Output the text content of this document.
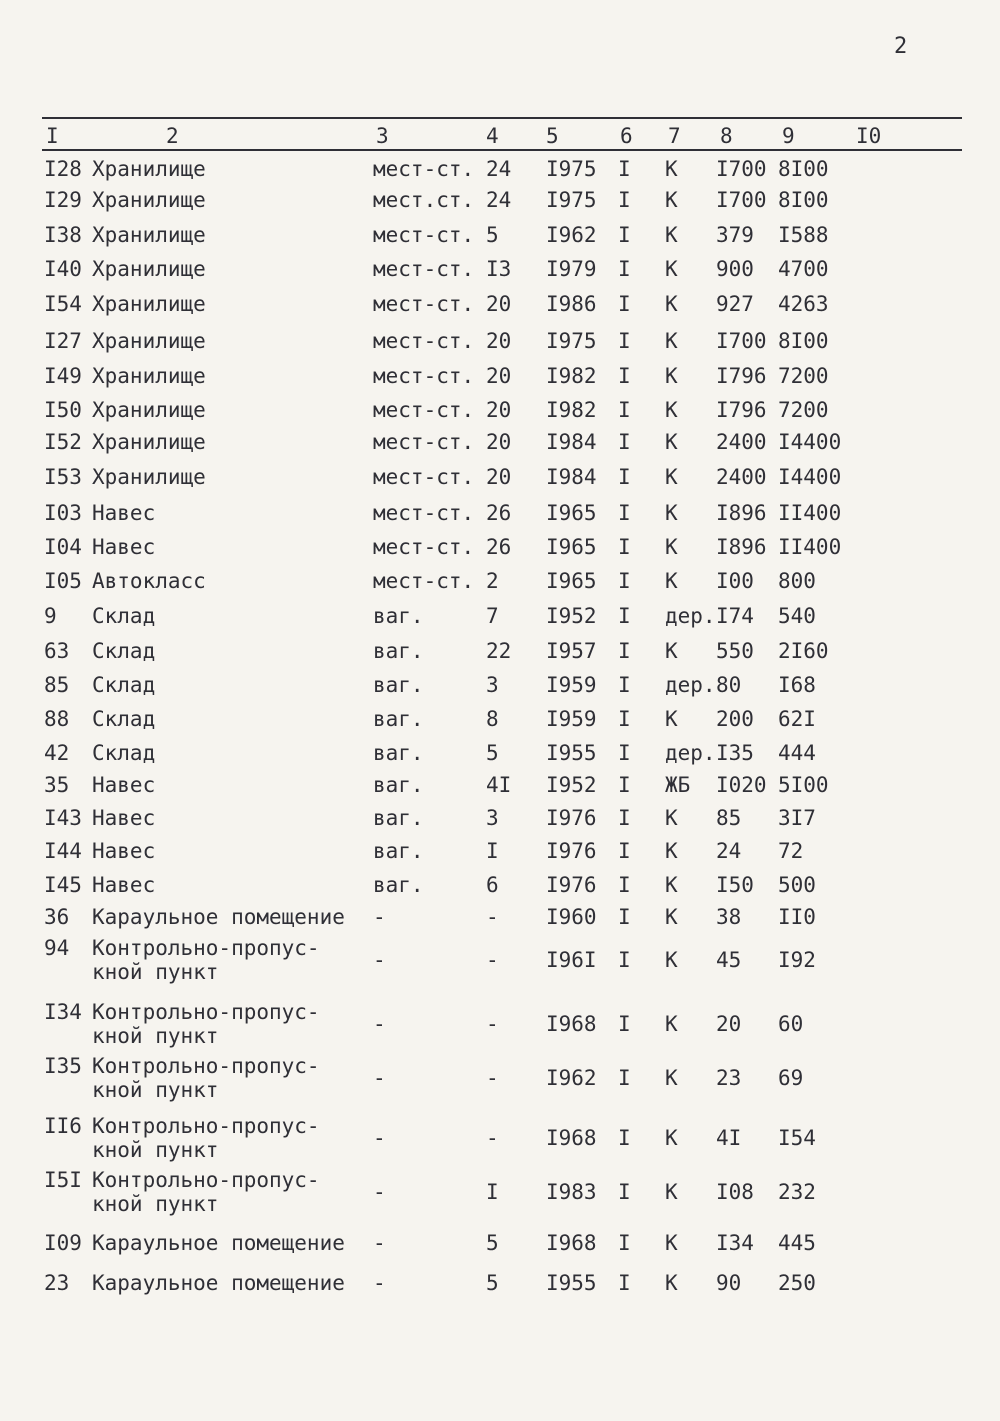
2
I	2	3	4 5	6 7 8 9	I0
I28 Хранилище	мест-ст. 24 I975 I К I700 8I00
I29 Хранилище	мест.ст. 24 I975 I К I700 8I00
I38 Хранилище	мест-ст. 5 I962 I К 379 I588
I40 Хранилище	мест-ст. I3 I979 I К 900 4700
I54 Хранилище	мест-ст. 20 I986 I К 927 4263
I27 Хранилище	мест-ст. 20 I975 I К I700 8I00
I49 Хранилище	мест-ст. 20 I982 I К I796 7200
I50 Хранилище	мест-ст. 20 I982 I К I796 7200
I52 Хранилище	мест-ст. 20 I984 I К 2400 I4400
I53 Хранилище	мест-ст. 20 I984 I К 2400 I4400
I03 Навес	мест-ст. 26 I965 I К I896 II400
I04 Навес	мест-ст. 26 I965 I К I896 II400
I05 Автокласс	мест-ст. 2 I965 I К I00 800
9 Склад	ваг.	7 I952 I дер. I74 540
63 Склад	ваг.	22 I957 I К 550 2I60
85 Склад	ваг.	3 I959 I дер. 80 I68
88 Склад	ваг.	8 I959 I К 200 62I
42 Склад	ваг.	5 I955 I дер. I35 444
35 Навес	ваг.	4I I952 I ЖБ I020 5I00
I43 Навес	ваг.	3 I976 I К 85 3I7
I44 Навес	ваг.	I I976 I К 24 72
I45 Навес	ваг.	6 I976 I К I50 500
36 Караульное помещение -	- I960 I К 38 II0
94 Контрольно-пропус-
кной пункт	-	- I96I I К 45 I92
I34 Контрольно-пропус-
кной пункт	-	- I968 I К 20 60
I35 Контрольно-пропус-
кной пункт	-	- I962 I К 23 69
II6 Контрольно-пропус-
кной пункт	-	- I968 I К 4I I54
I5I Контрольно-пропус-
кной пункт	-	I I983 I К I08 232
I09 Караульное помещение -	5 I968 I К I34 445
23 Караульное помещение -	5 I955 I К 90 250
